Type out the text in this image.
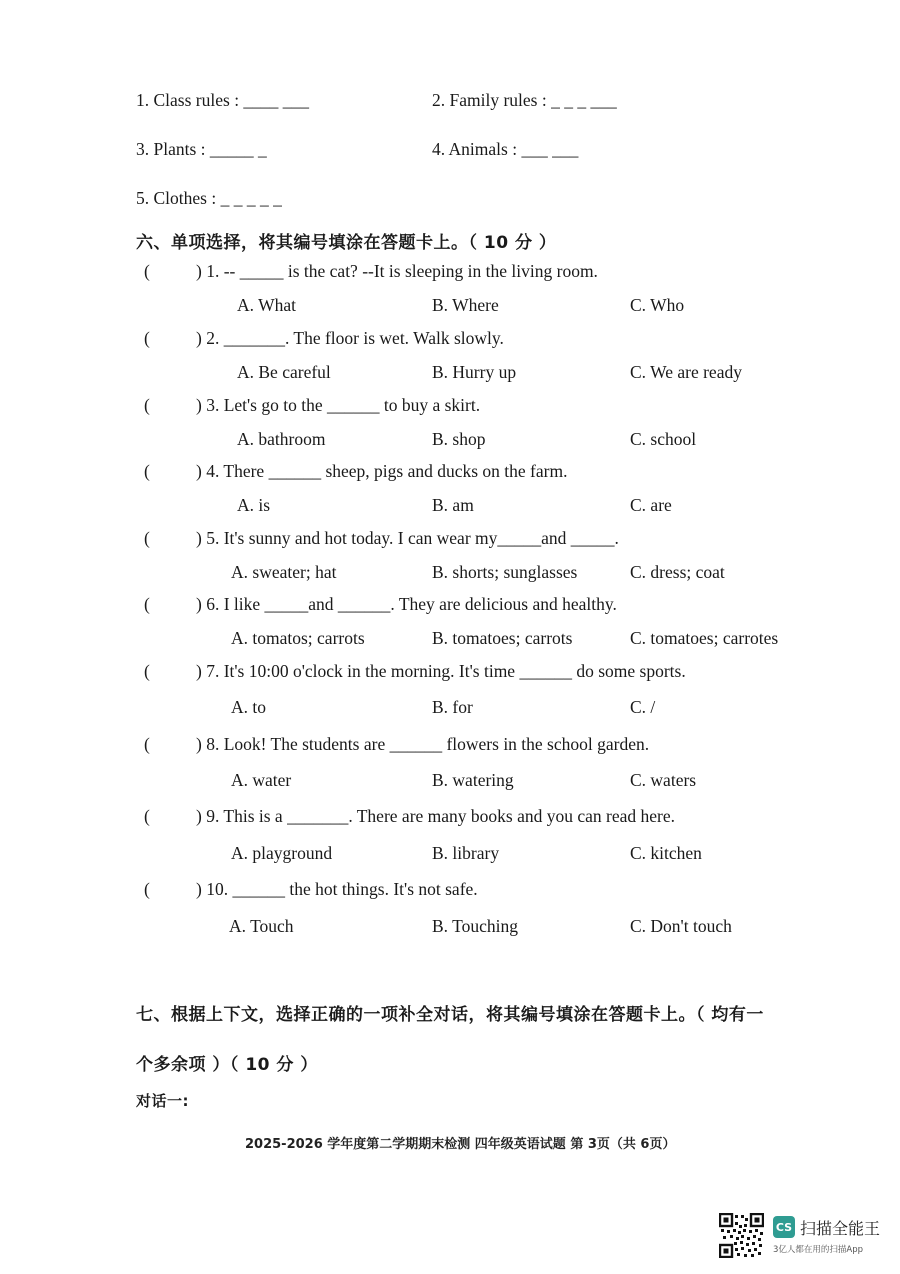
1. Class rules : ____ ___	2. Family rules : _ _ _ ___
3. Plants : _____ _	4. Animals : ___ ___
5. Clothes : _ _ _ _ _
六、单项选择，将其编号填涂在答题卡上。（ 10 分 ）
(	) 1. -- _____ is the cat? --It is sleeping in the living room.
A. What	B. Where	C. Who
(	) 2. _______. The floor is wet. Walk slowly.
A. Be careful	B. Hurry up	C. We are ready
(	) 3. Let's go to the ______ to buy a skirt.
A. bathroom	B. shop	C. school
(	) 4. There ______ sheep, pigs and ducks on the farm.
A. is	B. am	C. are
(	) 5. It's sunny and hot today. I can wear my_____and _____.
A. sweater; hat	B. shorts; sunglasses	C. dress; coat
(	) 6. I like _____and ______. They are delicious and healthy.
A. tomatos; carrots	B. tomatoes; carrots	C. tomatoes; carrotes
(	) 7. It's 10:00 o'clock in the morning. It's time ______ do some sports.
A. to	B. for	C. /
(	) 8. Look! The students are ______ flowers in the school garden.
A. water	B. watering	C. waters
(	) 9. This is a _______. There are many books and you can read here.
A. playground	B. library	C. kitchen
(	) 10. ______ the hot things. It's not safe.
A. Touch	B. Touching	C. Don't touch
七、根据上下文，选择正确的一项补全对话，将其编号填涂在答题卡上。（ 均有一
个多余项 ）（ 10 分 ）
对话一:
2025-2026 学年度第二学期期末检测 四年级英语试题 第 3页（共 6页）
CS 扫描全能王
3亿人都在用的扫描App
